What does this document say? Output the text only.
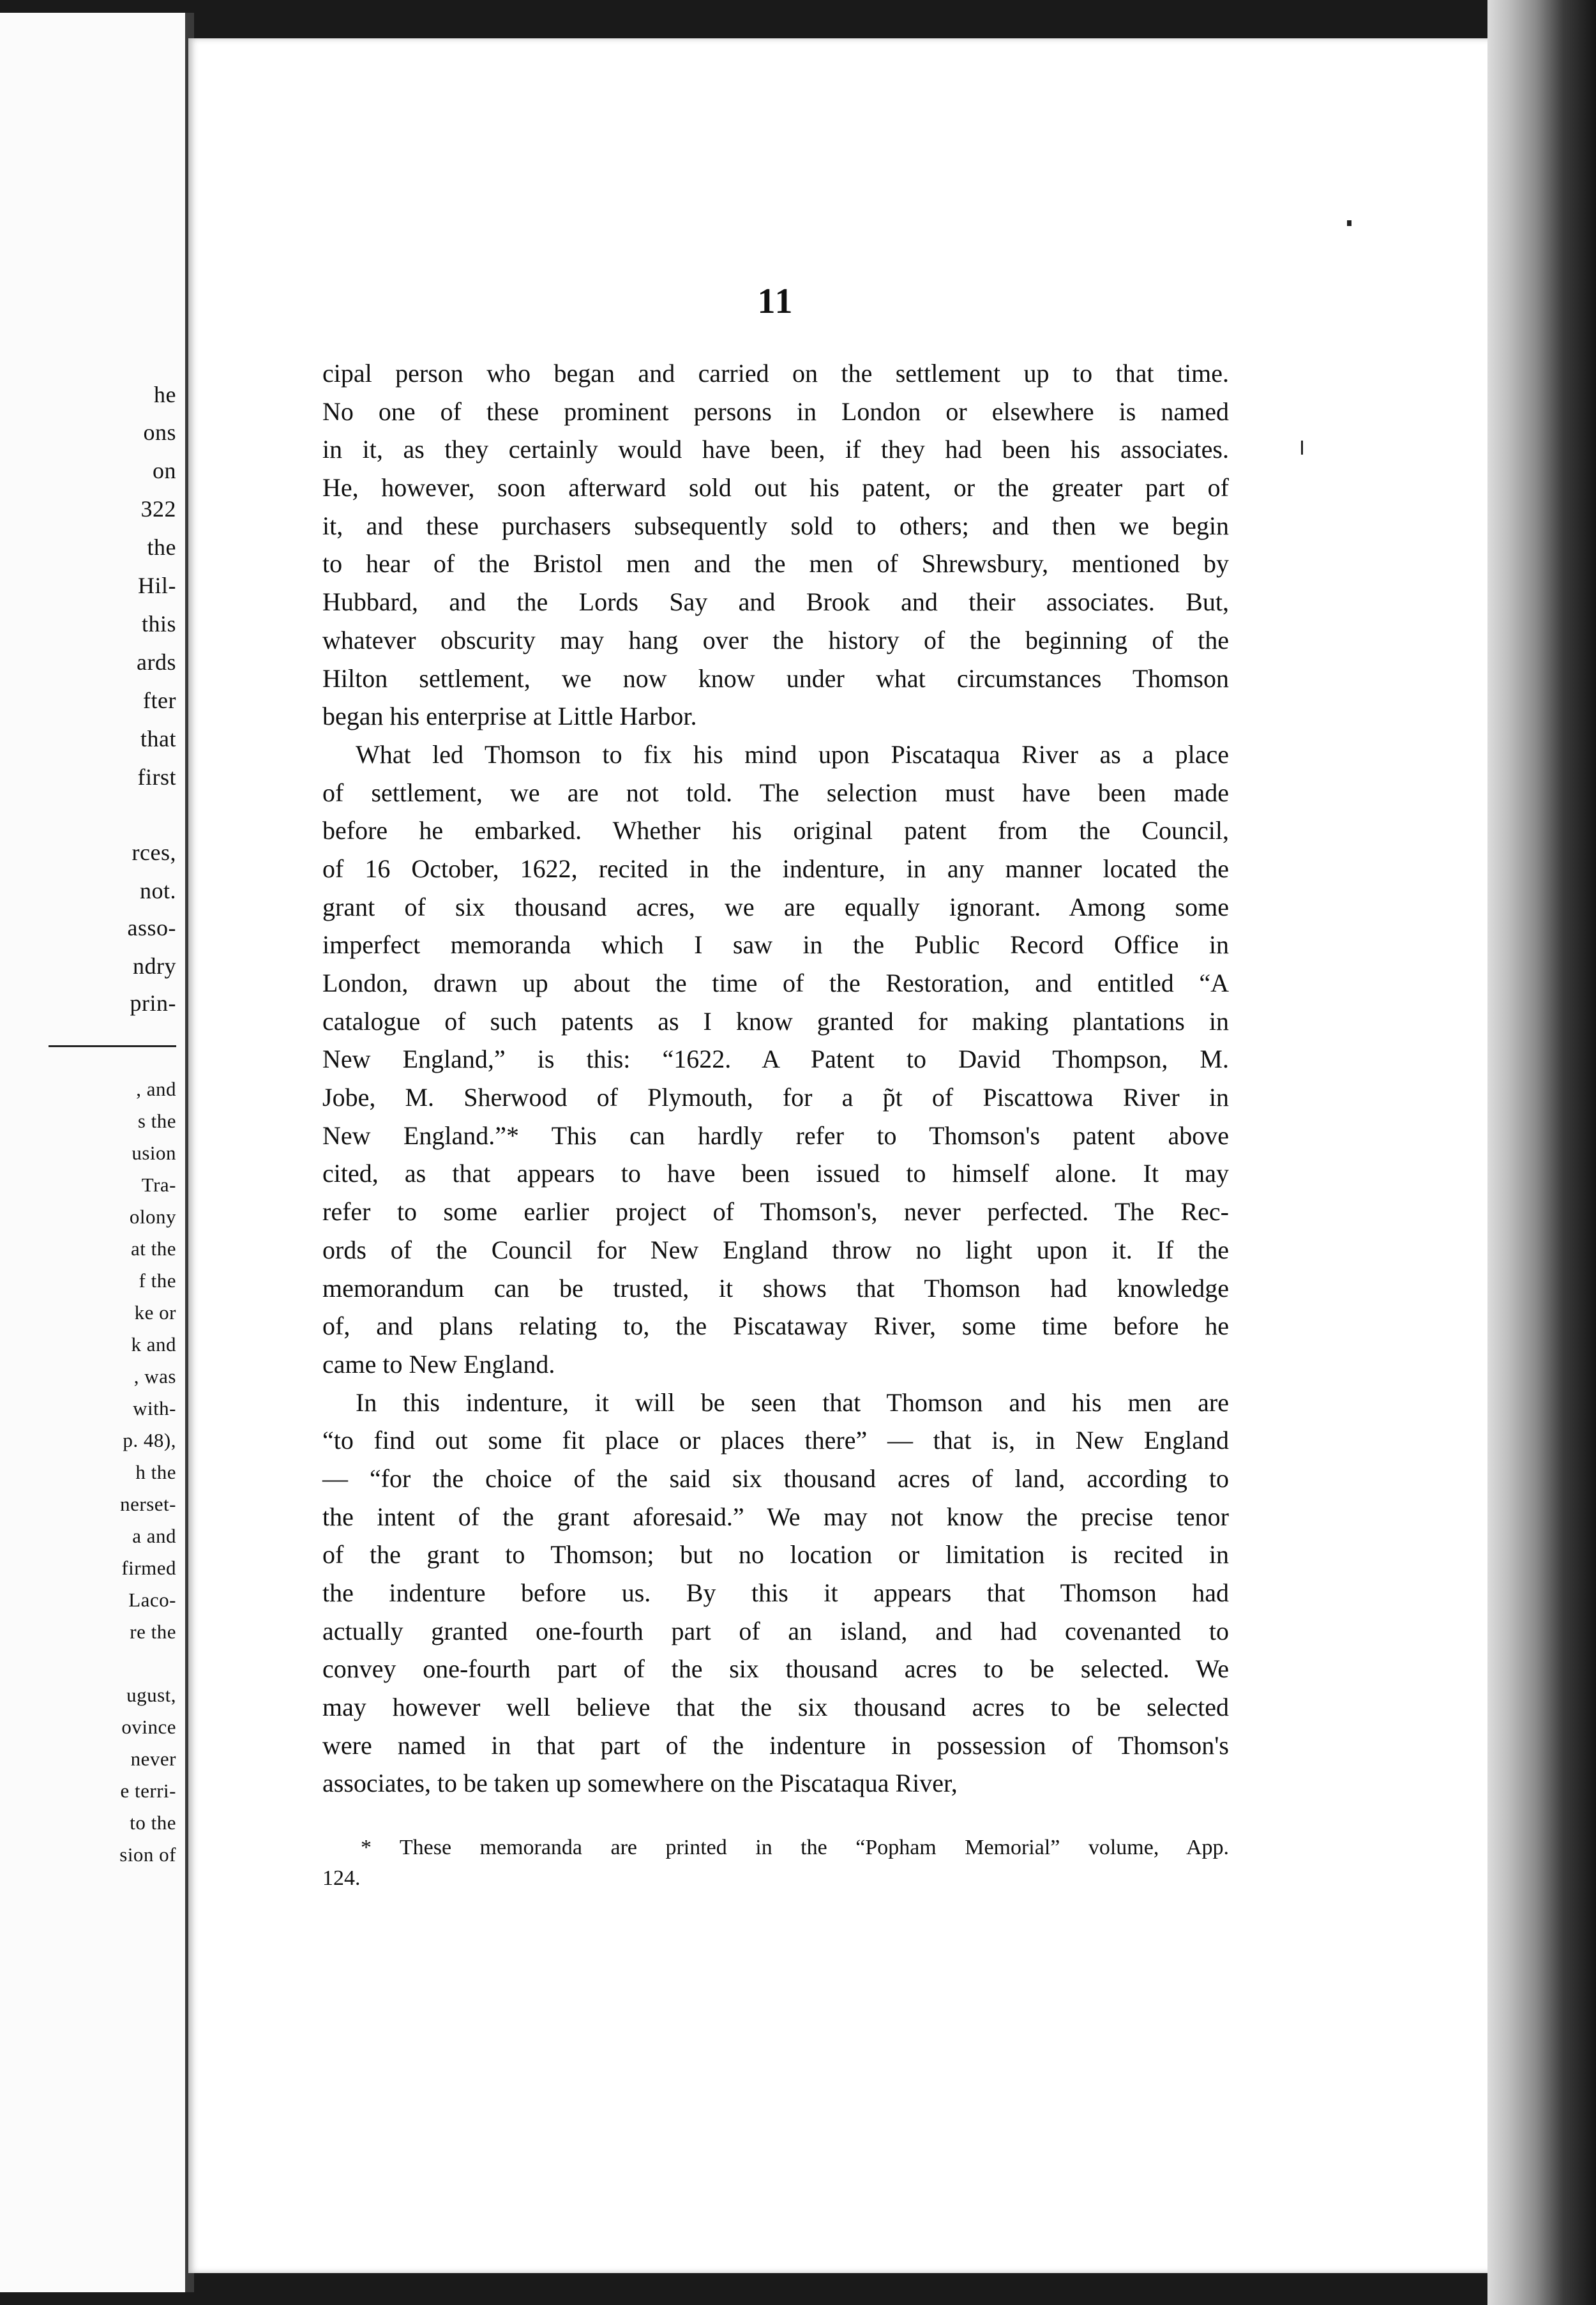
he
ons
on
322
the
Hil-
this
ards
fter
that
first
rces,
not.
asso-
ndry
prin-
, and
s the
usion
Tra-
olony
at the
f the
ke or
k and
, was
with-
p. 48),
h the
nerset-
a and
firmed
Laco-
re the
ugust,
ovince
never
e terri-
to the
sion of
11
cipal person who began and carried on the settlement up to that time.
No one of these prominent persons in London or elsewhere is named
in it, as they certainly would have been, if they had been his associates.
He, however, soon afterward sold out his patent, or the greater part of
it, and these purchasers subsequently sold to others; and then we begin
to hear of the Bristol men and the men of Shrewsbury, mentioned by
Hubbard, and the Lords Say and Brook and their associates. But,
whatever obscurity may hang over the history of the beginning of the
Hilton settlement, we now know under what circumstances Thomson
began his enterprise at Little Harbor.
What led Thomson to fix his mind upon Piscataqua River as a place
of settlement, we are not told. The selection must have been made
before he embarked. Whether his original patent from the Council,
of 16 October, 1622, recited in the indenture, in any manner located the
grant of six thousand acres, we are equally ignorant. Among some
imperfect memoranda which I saw in the Public Record Office in
London, drawn up about the time of the Restoration, and entitled “A
catalogue of such patents as I know granted for making plantations in
New England,” is this: “1622. A Patent to David Thompson, M.
Jobe, M. Sherwood of Plymouth, for a p̃t of Piscattowa River in
New England.”* This can hardly refer to Thomson's patent above
cited, as that appears to have been issued to himself alone. It may
refer to some earlier project of Thomson's, never perfected. The Rec-
ords of the Council for New England throw no light upon it. If the
memorandum can be trusted, it shows that Thomson had knowledge
of, and plans relating to, the Piscataway River, some time before he
came to New England.
In this indenture, it will be seen that Thomson and his men are
“to find out some fit place or places there” — that is, in New England
— “for the choice of the said six thousand acres of land, according to
the intent of the grant aforesaid.” We may not know the precise tenor
of the grant to Thomson; but no location or limitation is recited in
the indenture before us. By this it appears that Thomson had
actually granted one-fourth part of an island, and had covenanted to
convey one-fourth part of the six thousand acres to be selected. We
may however well believe that the six thousand acres to be selected
were named in that part of the indenture in possession of Thomson's
associates, to be taken up somewhere on the Piscataqua River,
* These memoranda are printed in the “Popham Memorial” volume, App.
124.
